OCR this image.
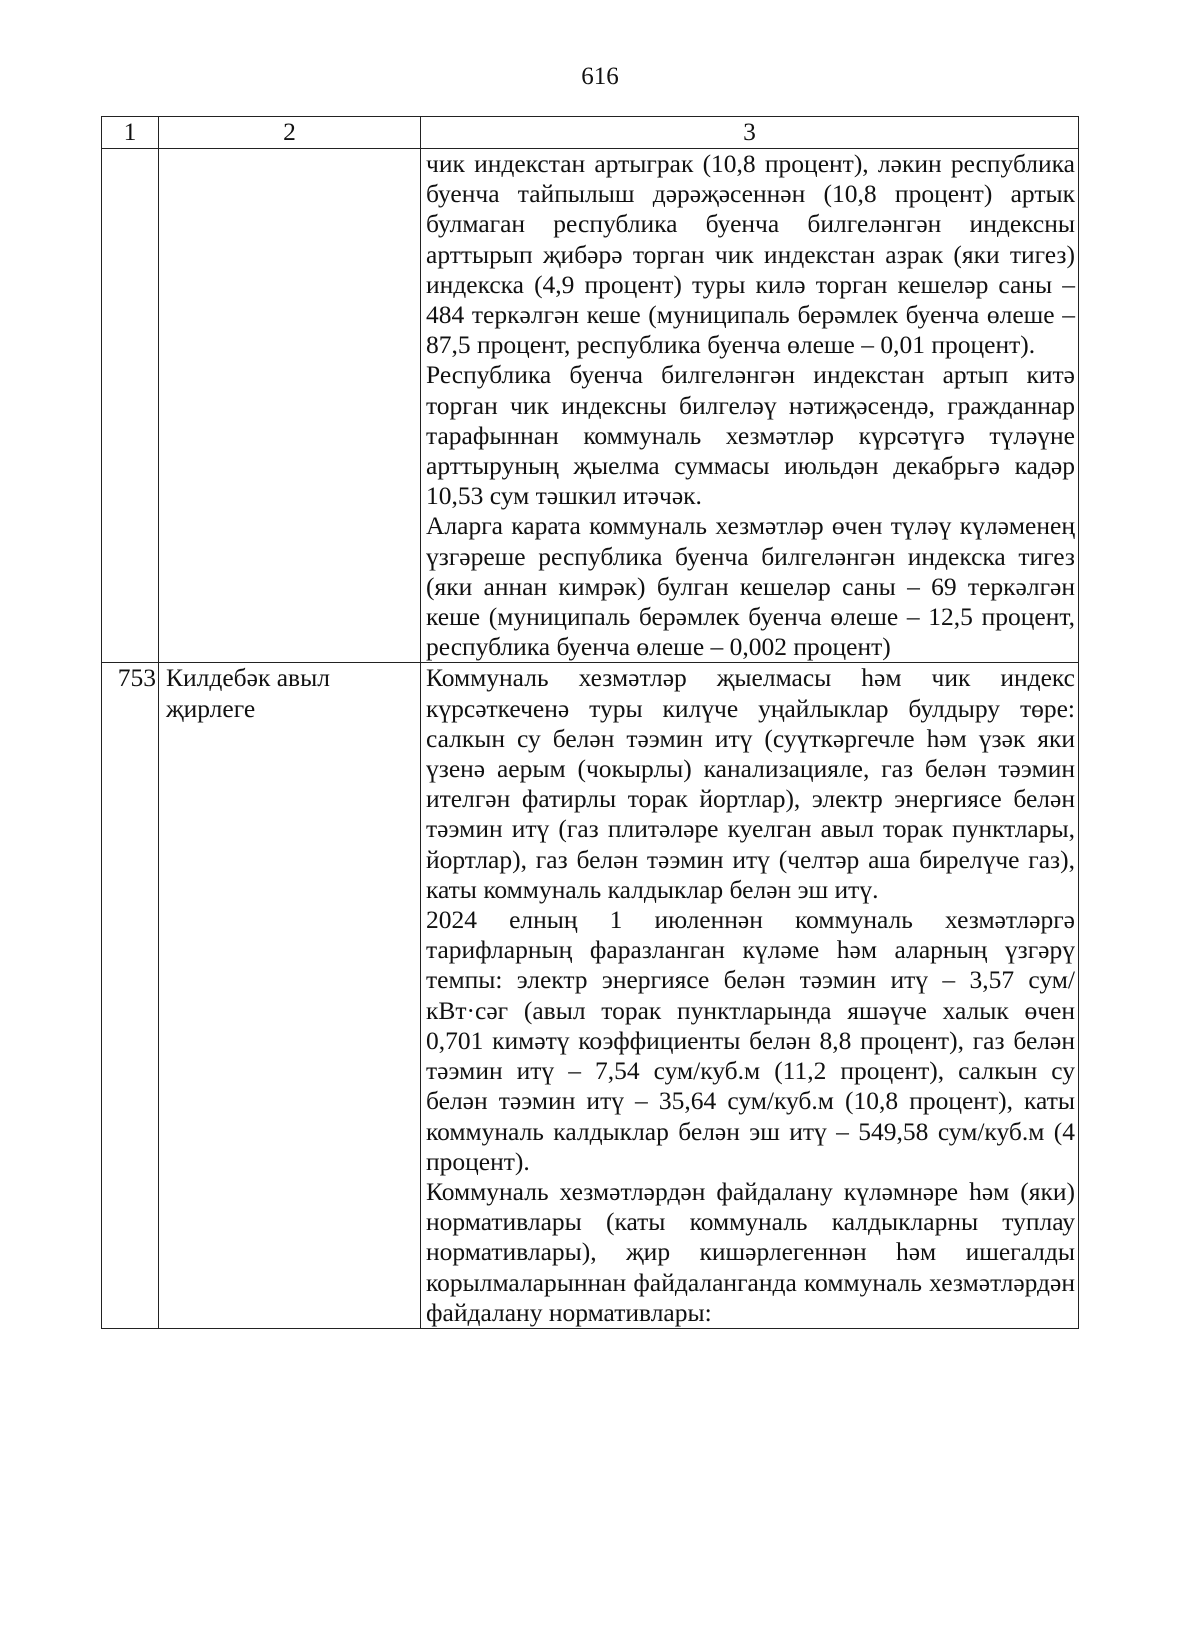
616
1	2	3

		чик индекстан артыграк (10,8 процент), ләкин республика буенча тайпылыш дәрәҗәсеннән (10,8 процент) артык булмаган республика буенча билгеләнгән индексны арттырып җибәрә торган чик индекстан азрак (яки тигез) индекска (4,9 процент) туры килә торган кешеләр саны – 484 теркәлгән кеше (муниципаль берәмлек буенча өлеше – 87,5 процент, республика буенча өлеше – 0,01 процент).

Республика буенча билгеләнгән индекстан артып китә торган чик индексны билгеләү нәтиҗәсендә, гражданнар тарафыннан коммуналь хезмәтләр күрсәтүгә түләүне арттыруның җыелма суммасы июльдән декабрьгә кадәр 10,53 сум тәшкил итәчәк.

Аларга карата коммуналь хезмәтләр өчен түләү күләменең үзгәреше республика буенча билгеләнгән индекска тигез (яки аннан кимрәк) булган кешеләр саны – 69 теркәлгән кеше (муниципаль берәмлек буенча өлеше – 12,5 процент, республика буенча өлеше – 0,002 процент)

753	Килдебәк авыл җирлеге	Коммуналь хезмәтләр җыелмасы һәм чик индекс күрсәткеченә туры килүче уңайлыклар булдыру төре: салкын су белән тәэмин итү (суүткәргечле һәм үзәк яки үзенә аерым (чокырлы) канализацияле, газ белән тәэмин ителгән фатирлы торак йортлар), электр энергиясе белән тәэмин итү (газ плитәләре куелган авыл торак пунктлары, йортлар), газ белән тәэмин итү (челтәр аша бирелүче газ), каты коммуналь калдыклар белән эш итү.

2024 елның 1 июленнән коммуналь хезмәтләргә тарифларның фаразланган күләме һәм аларның үзгәрү темпы: электр энергиясе белән тәэмин итү – 3,57 сум/кВт·сәг (авыл торак пунктларында яшәүче халык өчен 0,701 кимәтү коэффициенты белән 8,8 процент), газ белән тәэмин итү – 7,54 сум/куб.м (11,2 процент), салкын су белән тәэмин итү – 35,64 сум/куб.м (10,8 процент), каты коммуналь калдыклар белән эш итү – 549,58 сум/куб.м (4 процент).

Коммуналь хезмәтләрдән файдалану күләмнәре һәм (яки) нормативлары (каты коммуналь калдыкларны туплау нормативлары), җир кишәрлегеннән һәм ишегалды корылмаларыннан файдаланганда коммуналь хезмәтләрдән файдалану нормативлары:
